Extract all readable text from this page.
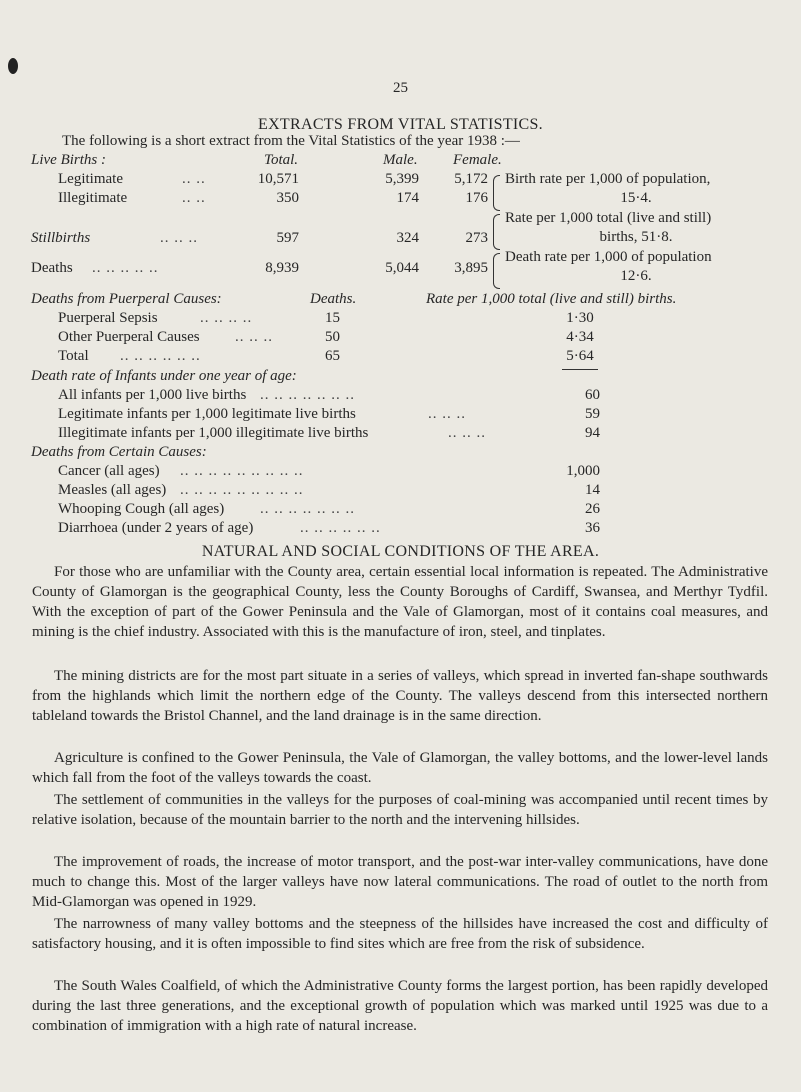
25
EXTRACTS FROM VITAL STATISTICS.
The following is a short extract from the Vital Statistics of the year 1938 :—
Live Births :	Total.	Male. Female.
Legitimate	.. ..	10,571	5,399	5,172
Illegitimate	.. ..	350	174	176
Stillbirths	.. .. ..	597	324	273
Deaths .. .. .. .. ..	8,939	5,044	3,895
Birth rate per 1,000 of population,
15·4.
Rate per 1,000 total (live and still)
births, 51·8.
Death rate per 1,000 of population
12·6.
Deaths from Puerperal Causes:	Deaths.	Rate per 1,000 total (live and still) births.
Puerperal Sepsis	.. .. .. ..	15	1·30
Other Puerperal Causes .. .. ..	50	4·34
Total .. .. .. .. .. ..	65	5·64
Death rate of Infants under one year of age:
All infants per 1,000 live births .. .. .. .. .. .. ..	60
Legitimate infants per 1,000 legitimate live births	.. .. ..	59
Illegitimate infants per 1,000 illegitimate live births	.. .. ..	94
Deaths from Certain Causes:
Cancer (all ages) .. .. .. .. .. .. .. .. ..	1,000
Measles (all ages) .. .. .. .. .. .. .. .. ..	14
Whooping Cough (all ages) .. .. .. .. .. .. ..	26
Diarrhoea (under 2 years of age)	.. .. .. .. .. ..	36
NATURAL AND SOCIAL CONDITIONS OF THE AREA.
For those who are unfamiliar with the County area, certain essential local information is repeated. The Administrative County of Glamorgan is the geographical County, less the County Boroughs of Cardiff, Swansea, and Merthyr Tydfil. With the exception of part of the Gower Peninsula and the Vale of Glamorgan, most of it contains coal measures, and mining is the chief industry. Associated with this is the manufacture of iron, steel, and tinplates.
The mining districts are for the most part situate in a series of valleys, which spread in inverted fan-shape southwards from the highlands which limit the northern edge of the County. The valleys descend from this intersected northern tableland towards the Bristol Channel, and the land drainage is in the same direction.
Agriculture is confined to the Gower Peninsula, the Vale of Glamorgan, the valley bottoms, and the lower-level lands which fall from the foot of the valleys towards the coast.
The settlement of communities in the valleys for the purposes of coal-mining was accompanied until recent times by relative isolation, because of the mountain barrier to the north and the intervening hillsides.
The improvement of roads, the increase of motor transport, and the post-war inter-valley communications, have done much to change this. Most of the larger valleys have now lateral communications. The road of outlet to the north from Mid-Glamorgan was opened in 1929.
The narrowness of many valley bottoms and the steepness of the hillsides have increased the cost and difficulty of satisfactory housing, and it is often impossible to find sites which are free from the risk of subsidence.
The South Wales Coalfield, of which the Administrative County forms the largest portion, has been rapidly developed during the last three generations, and the exceptional growth of population which was marked until 1925 was due to a combination of immigration with a high rate of natural increase.
